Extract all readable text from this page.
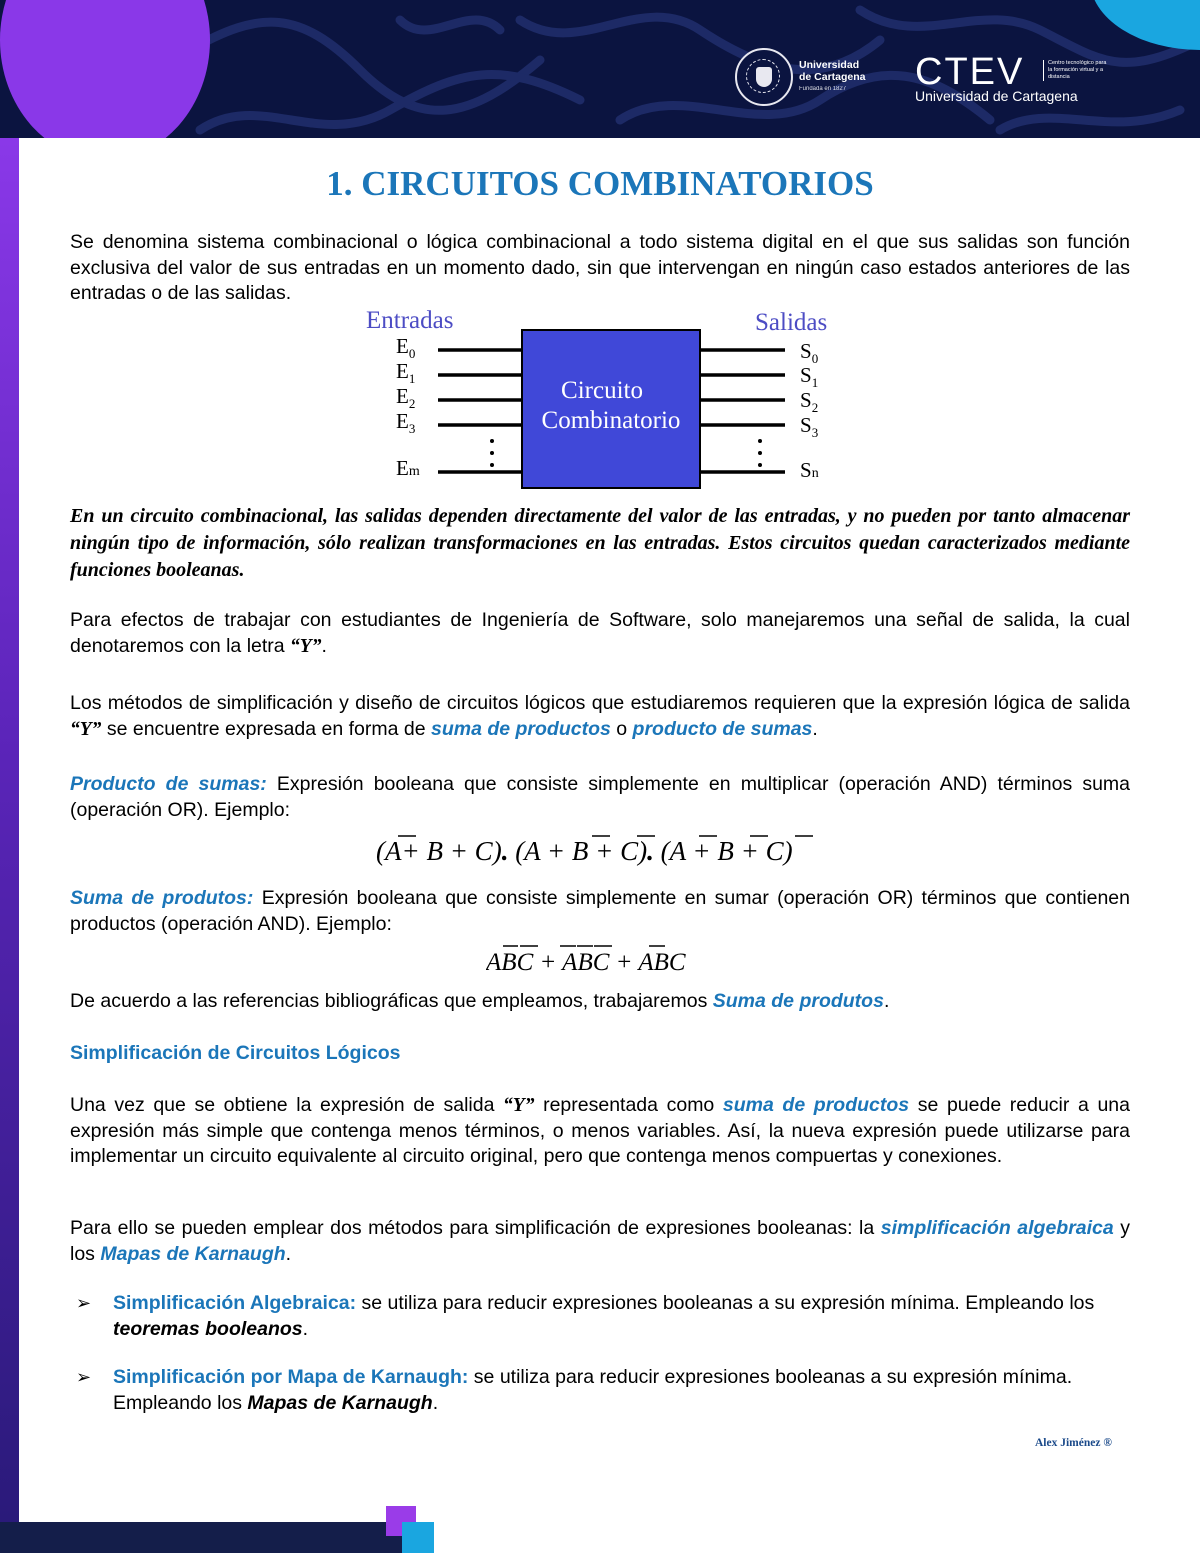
Universidad
de Cartagena
Fundada en 1827	CTEV
Universidad de Cartagena
Centro tecnológico para la formación virtual y a distancia
1. CIRCUITOS COMBINATORIOS
Se denomina sistema combinacional o lógica combinacional a todo sistema digital en el que sus salidas son función exclusiva del valor de sus entradas en un momento dado, sin que intervengan en ningún caso estados anteriores de las entradas o de las salidas.
Entradas	Salidas
Circuito
Combinatorio
$E_0$
$E_1$
$E_2$
$E_3$
Em
$S_0$
$S_1$
$S_2$
$S_3$
Sn
En un circuito combinacional, las salidas dependen directamente del valor de las entradas, y no pueden por tanto almacenar ningún tipo de información, sólo realizan transformaciones en las entradas. Estos circuitos quedan caracterizados mediante funciones booleanas.
Para efectos de trabajar con estudiantes de Ingeniería de Software, solo manejaremos una señal de salida, la cual denotaremos con la letra “Y”.
Los métodos de simplificación y diseño de circuitos lógicos que estudiaremos requieren que la expresión lógica de salida “Y” se encuentre expresada en forma de suma de productos o producto de sumas.
Producto de sumas: Expresión booleana que consiste simplemente en multiplicar (operación AND) términos suma (operación OR). Ejemplo:
(A+ B + C). (A + B + C). (A + B + C)
Suma de produtos: Expresión booleana que consiste simplemente en sumar (operación OR) términos que contienen productos (operación AND). Ejemplo:
ABC + ABC + ABC
De acuerdo a las referencias bibliográficas que empleamos, trabajaremos Suma de produtos.
Simplificación de Circuitos Lógicos
Una vez que se obtiene la expresión de salida “Y” representada como suma de productos se puede reducir a una expresión más simple que contenga menos términos, o menos variables. Así, la nueva expresión puede utilizarse para implementar un circuito equivalente al circuito original, pero que contenga menos compuertas y conexiones.
Para ello se pueden emplear dos métodos para simplificación de expresiones booleanas: la simplificación algebraica y los Mapas de Karnaugh.
➢ Simplificación Algebraica: se utiliza para reducir expresiones booleanas a su expresión mínima. Empleando los teoremas booleanos.
➢ Simplificación por Mapa de Karnaugh: se utiliza para reducir expresiones booleanas a su expresión mínima. Empleando los Mapas de Karnaugh.
Alex Jiménez ®
